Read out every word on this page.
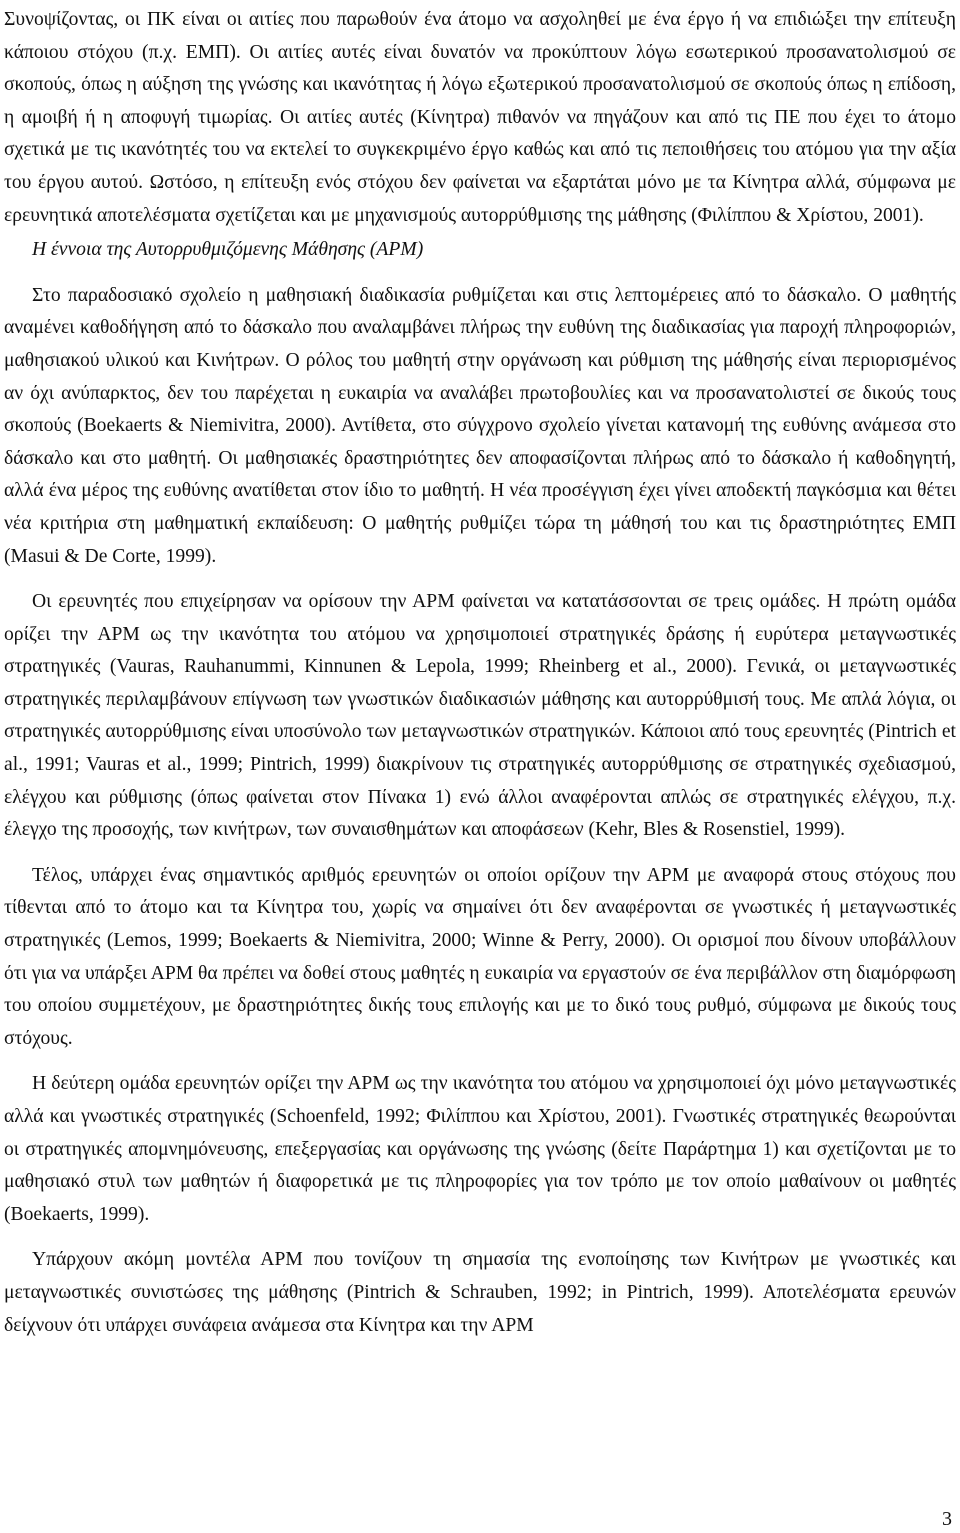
Συνοψίζοντας, οι ΠΚ είναι οι αιτίες που παρωθούν ένα άτομο να ασχοληθεί με ένα έργο ή να επιδιώξει την επίτευξη κάποιου στόχου (π.χ. ΕΜΠ). Οι αιτίες αυτές είναι δυνατόν να προκύπτουν λόγω εσωτερικού προσανατολισμού σε σκοπούς, όπως η αύξηση της γνώσης και ικανότητας ή λόγω εξωτερικού προσανατολισμού σε σκοπούς όπως η επίδοση, η αμοιβή ή η αποφυγή τιμωρίας. Οι αιτίες αυτές (Κίνητρα) πιθανόν να πηγάζουν και από τις ΠΕ που έχει το άτομο σχετικά με τις ικανότητές του να εκτελεί το συγκεκριμένο έργο καθώς και από τις πεποιθήσεις του ατόμου για την αξία του έργου αυτού. Ωστόσο, η επίτευξη ενός στόχου δεν φαίνεται να εξαρτάται μόνο με τα Κίνητρα αλλά, σύμφωνα με ερευνητικά αποτελέσματα σχετίζεται και με μηχανισμούς αυτορρύθμισης της μάθησης (Φιλίππου & Χρίστου, 2001).

Η έννοια της Αυτορρυθμιζόμενης Μάθησης (ΑΡΜ)

Στο παραδοσιακό σχολείο η μαθησιακή διαδικασία ρυθμίζεται και στις λεπτομέρειες από το δάσκαλο. Ο μαθητής αναμένει καθοδήγηση από το δάσκαλο που αναλαμβάνει πλήρως την ευθύνη της διαδικασίας για παροχή πληροφοριών, μαθησιακού υλικού και Κινήτρων. Ο ρόλος του μαθητή στην οργάνωση και ρύθμιση της μάθησής είναι περιορισμένος αν όχι ανύπαρκτος, δεν του παρέχεται η ευκαιρία να αναλάβει πρωτοβουλίες και να προσανατολιστεί σε δικούς τους σκοπούς (Boekaerts & Niemivitra, 2000). Αντίθετα, στο σύγχρονο σχολείο γίνεται κατανομή της ευθύνης ανάμεσα στο δάσκαλο και στο μαθητή. Οι μαθησιακές δραστηριότητες δεν αποφασίζονται πλήρως από το δάσκαλο ή καθοδηγητή, αλλά ένα μέρος της ευθύνης ανατίθεται στον ίδιο το μαθητή. Η νέα προσέγγιση έχει γίνει αποδεκτή παγκόσμια και θέτει νέα κριτήρια στη μαθηματική εκπαίδευση: Ο μαθητής ρυθμίζει τώρα τη μάθησή του και τις δραστηριότητες ΕΜΠ (Masui & De Corte, 1999).

Οι ερευνητές που επιχείρησαν να ορίσουν την ΑΡΜ φαίνεται να κατατάσσονται σε τρεις ομάδες. Η πρώτη ομάδα ορίζει την ΑΡΜ ως την ικανότητα του ατόμου να χρησιμοποιεί στρατηγικές δράσης ή ευρύτερα μεταγνωστικές στρατηγικές (Vauras, Rauhanummi, Kinnunen & Lepola, 1999; Rheinberg et al., 2000). Γενικά, οι μεταγνωστικές στρατηγικές περιλαμβάνουν επίγνωση των γνωστικών διαδικασιών μάθησης και αυτορρύθμισή τους. Με απλά λόγια, οι στρατηγικές αυτορρύθμισης είναι υποσύνολο των μεταγνωστικών στρατηγικών. Κάποιοι από τους ερευνητές (Pintrich et al., 1991; Vauras et al., 1999; Pintrich, 1999) διακρίνουν τις στρατηγικές αυτορρύθμισης σε στρατηγικές σχεδιασμού, ελέγχου και ρύθμισης (όπως φαίνεται στον Πίνακα 1) ενώ άλλοι αναφέρονται απλώς σε στρατηγικές ελέγχου, π.χ. έλεγχο της προσοχής, των κινήτρων, των συναισθημάτων και αποφάσεων (Kehr, Bles & Rosenstiel, 1999).

Τέλος, υπάρχει ένας σημαντικός αριθμός ερευνητών οι οποίοι ορίζουν την ΑΡΜ με αναφορά στους στόχους που τίθενται από το άτομο και τα Κίνητρα του, χωρίς να σημαίνει ότι δεν αναφέρονται σε γνωστικές ή μεταγνωστικές στρατηγικές (Lemos, 1999; Boekaerts & Niemivitra, 2000; Winne & Perry, 2000). Οι ορισμοί που δίνουν υποβάλλουν ότι για να υπάρξει ΑΡΜ θα πρέπει να δοθεί στους μαθητές η ευκαιρία να εργαστούν σε ένα περιβάλλον στη διαμόρφωση του οποίου συμμετέχουν, με δραστηριότητες δικής τους επιλογής και με το δικό τους ρυθμό, σύμφωνα με δικούς τους στόχους.

Η δεύτερη ομάδα ερευνητών ορίζει την ΑΡΜ ως την ικανότητα του ατόμου να χρησιμοποιεί όχι μόνο μεταγνωστικές αλλά και γνωστικές στρατηγικές (Schoenfeld, 1992; Φιλίππου και Χρίστου, 2001). Γνωστικές στρατηγικές θεωρούνται οι στρατηγικές απομνημόνευσης, επεξεργασίας και οργάνωσης της γνώσης (δείτε Παράρτημα 1) και σχετίζονται με το μαθησιακό στυλ των μαθητών ή διαφορετικά με τις πληροφορίες για τον τρόπο με τον οποίο μαθαίνουν οι μαθητές (Boekaerts, 1999).

Υπάρχουν ακόμη μοντέλα ΑΡΜ που τονίζουν τη σημασία της ενοποίησης των Κινήτρων με γνωστικές και μεταγνωστικές συνιστώσες της μάθησης (Pintrich & Schrauben, 1992; in Pintrich, 1999). Αποτελέσματα ερευνών δείχνουν ότι υπάρχει συνάφεια ανάμεσα στα Κίνητρα και την ΑΡΜ

3
